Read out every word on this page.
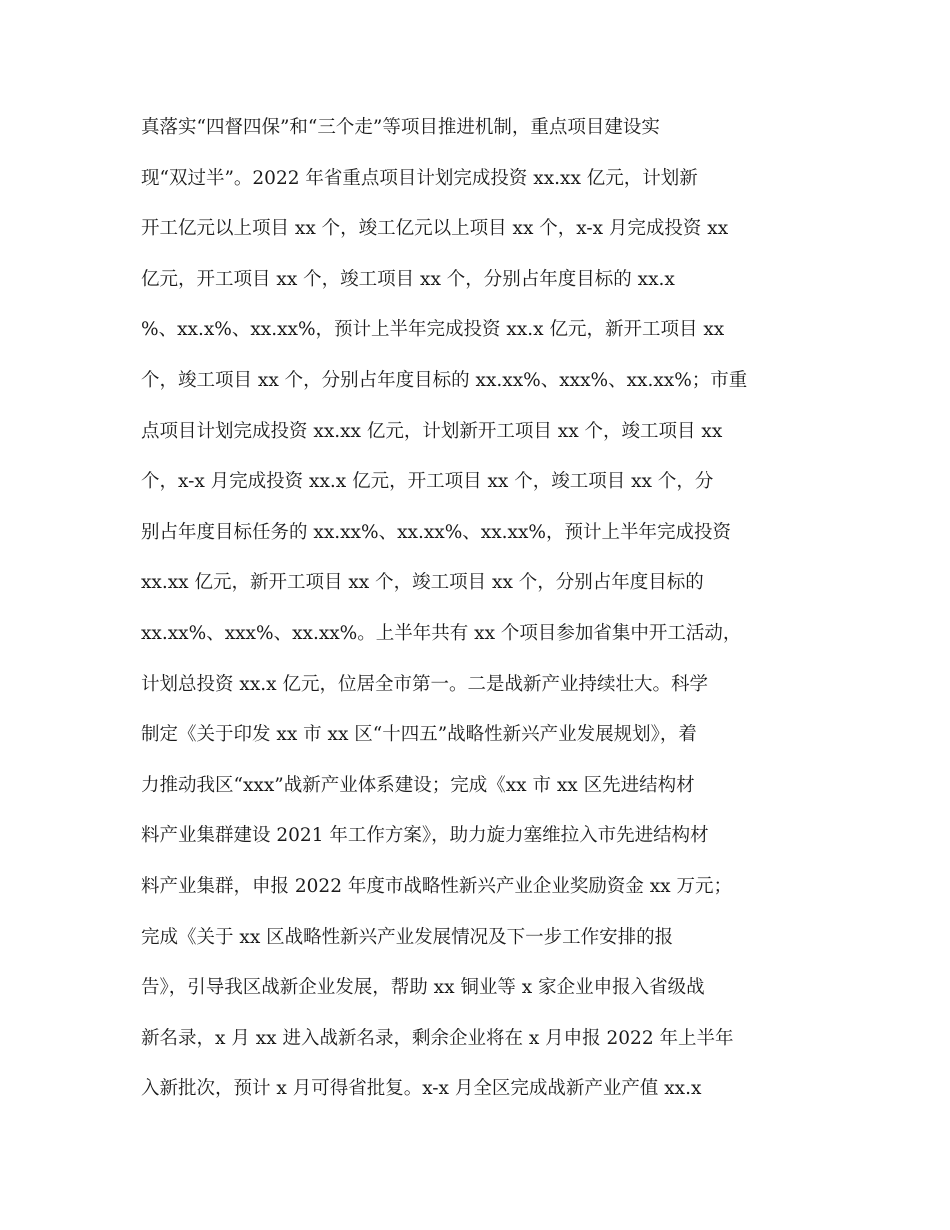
真落实“四督四保”和“三个走”等项目推进机制，重点项目建设实
现“双过半”。2022 年省重点项目计划完成投资 xx.xx 亿元，计划新
开工亿元以上项目 xx 个，竣工亿元以上项目 xx 个，x-x 月完成投资 xx
亿元，开工项目 xx 个，竣工项目 xx 个，分别占年度目标的 xx.x
%、xx.x%、xx.xx%，预计上半年完成投资 xx.x 亿元，新开工项目 xx
个，竣工项目 xx 个，分别占年度目标的 xx.xx%、xxx%、xx.xx%；市重
点项目计划完成投资 xx.xx 亿元，计划新开工项目 xx 个，竣工项目 xx
个，x-x 月完成投资 xx.x 亿元，开工项目 xx 个，竣工项目 xx 个，分
别占年度目标任务的 xx.xx%、xx.xx%、xx.xx%，预计上半年完成投资
xx.xx 亿元，新开工项目 xx 个，竣工项目 xx 个，分别占年度目标的
xx.xx%、xxx%、xx.xx%。上半年共有 xx 个项目参加省集中开工活动，
计划总投资 xx.x 亿元，位居全市第一。二是战新产业持续壮大。科学
制定《关于印发 xx 市 xx 区“十四五”战略性新兴产业发展规划》，着
力推动我区“xxx”战新产业体系建设；完成《xx 市 xx 区先进结构材
料产业集群建设 2021 年工作方案》，助力旋力塞维拉入市先进结构材
料产业集群，申报 2022 年度市战略性新兴产业企业奖励资金 xx 万元；
完成《关于 xx 区战略性新兴产业发展情况及下一步工作安排的报
告》，引导我区战新企业发展，帮助 xx 铜业等 x 家企业申报入省级战
新名录，x 月 xx 进入战新名录，剩余企业将在 x 月申报 2022 年上半年
入新批次，预计 x 月可得省批复。x-x 月全区完成战新产业产值 xx.x
